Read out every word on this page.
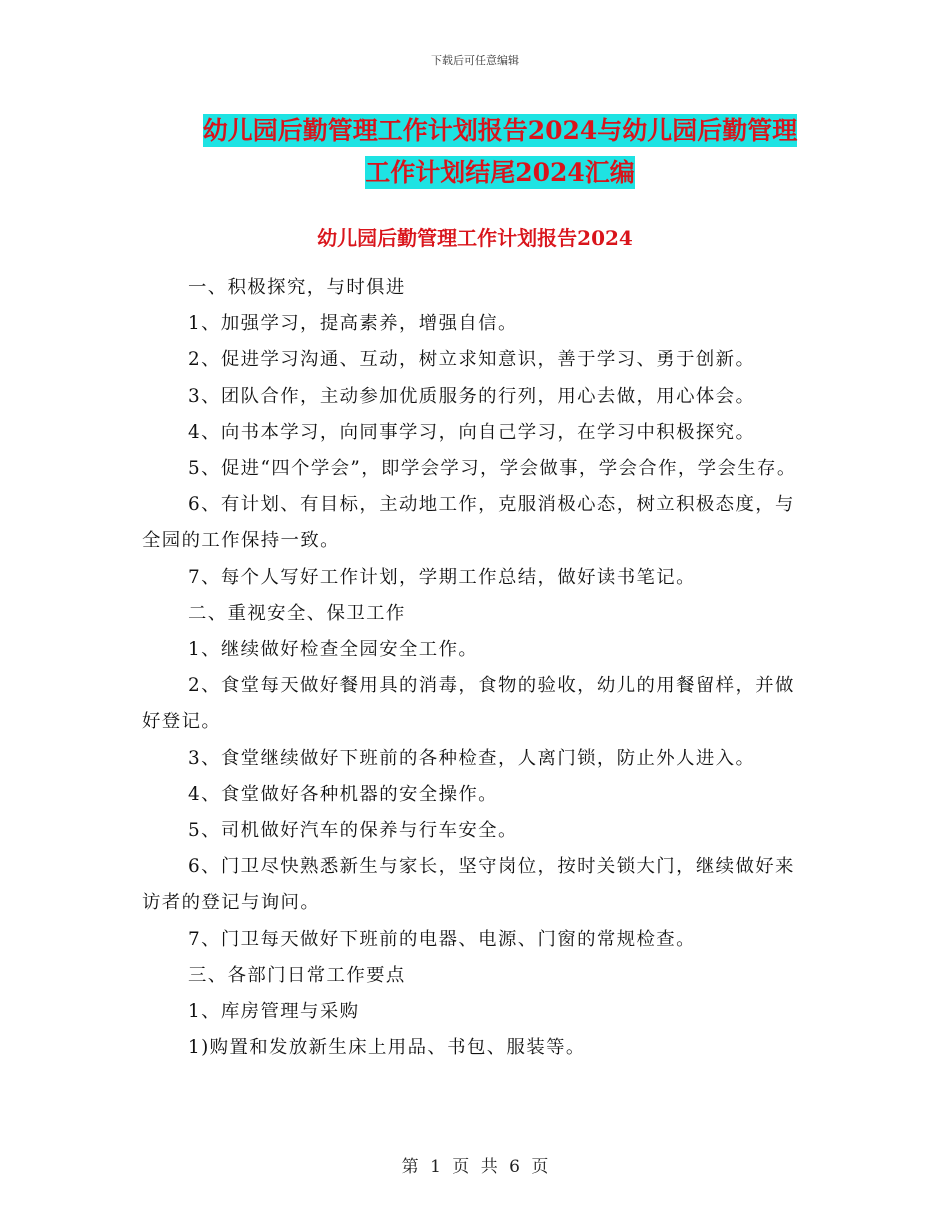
下载后可任意编辑
幼儿园后勤管理工作计划报告2024与幼儿园后勤管理
工作计划结尾2024汇编
幼儿园后勤管理工作计划报告2024

一、积极探究，与时俱进

1、加强学习，提高素养，增强自信。

2、促进学习沟通、互动，树立求知意识，善于学习、勇于创新。

3、团队合作，主动参加优质服务的行列，用心去做，用心体会。

4、向书本学习，向同事学习，向自己学习，在学习中积极探究。

5、促进“四个学会”，即学会学习，学会做事，学会合作，学会生存。

6、有计划、有目标，主动地工作，克服消极心态，树立积极态度，与全园的工作保持一致。

7、每个人写好工作计划，学期工作总结，做好读书笔记。

二、重视安全、保卫工作

1、继续做好检查全园安全工作。

2、食堂每天做好餐用具的消毒，食物的验收，幼儿的用餐留样，并做好登记。

3、食堂继续做好下班前的各种检查，人离门锁，防止外人进入。

4、食堂做好各种机器的安全操作。

5、司机做好汽车的保养与行车安全。

6、门卫尽快熟悉新生与家长，坚守岗位，按时关锁大门，继续做好来访者的登记与询问。

7、门卫每天做好下班前的电器、电源、门窗的常规检查。

三、各部门日常工作要点

1、库房管理与采购

1)购置和发放新生床上用品、书包、服装等。

第 1 页 共 6 页
